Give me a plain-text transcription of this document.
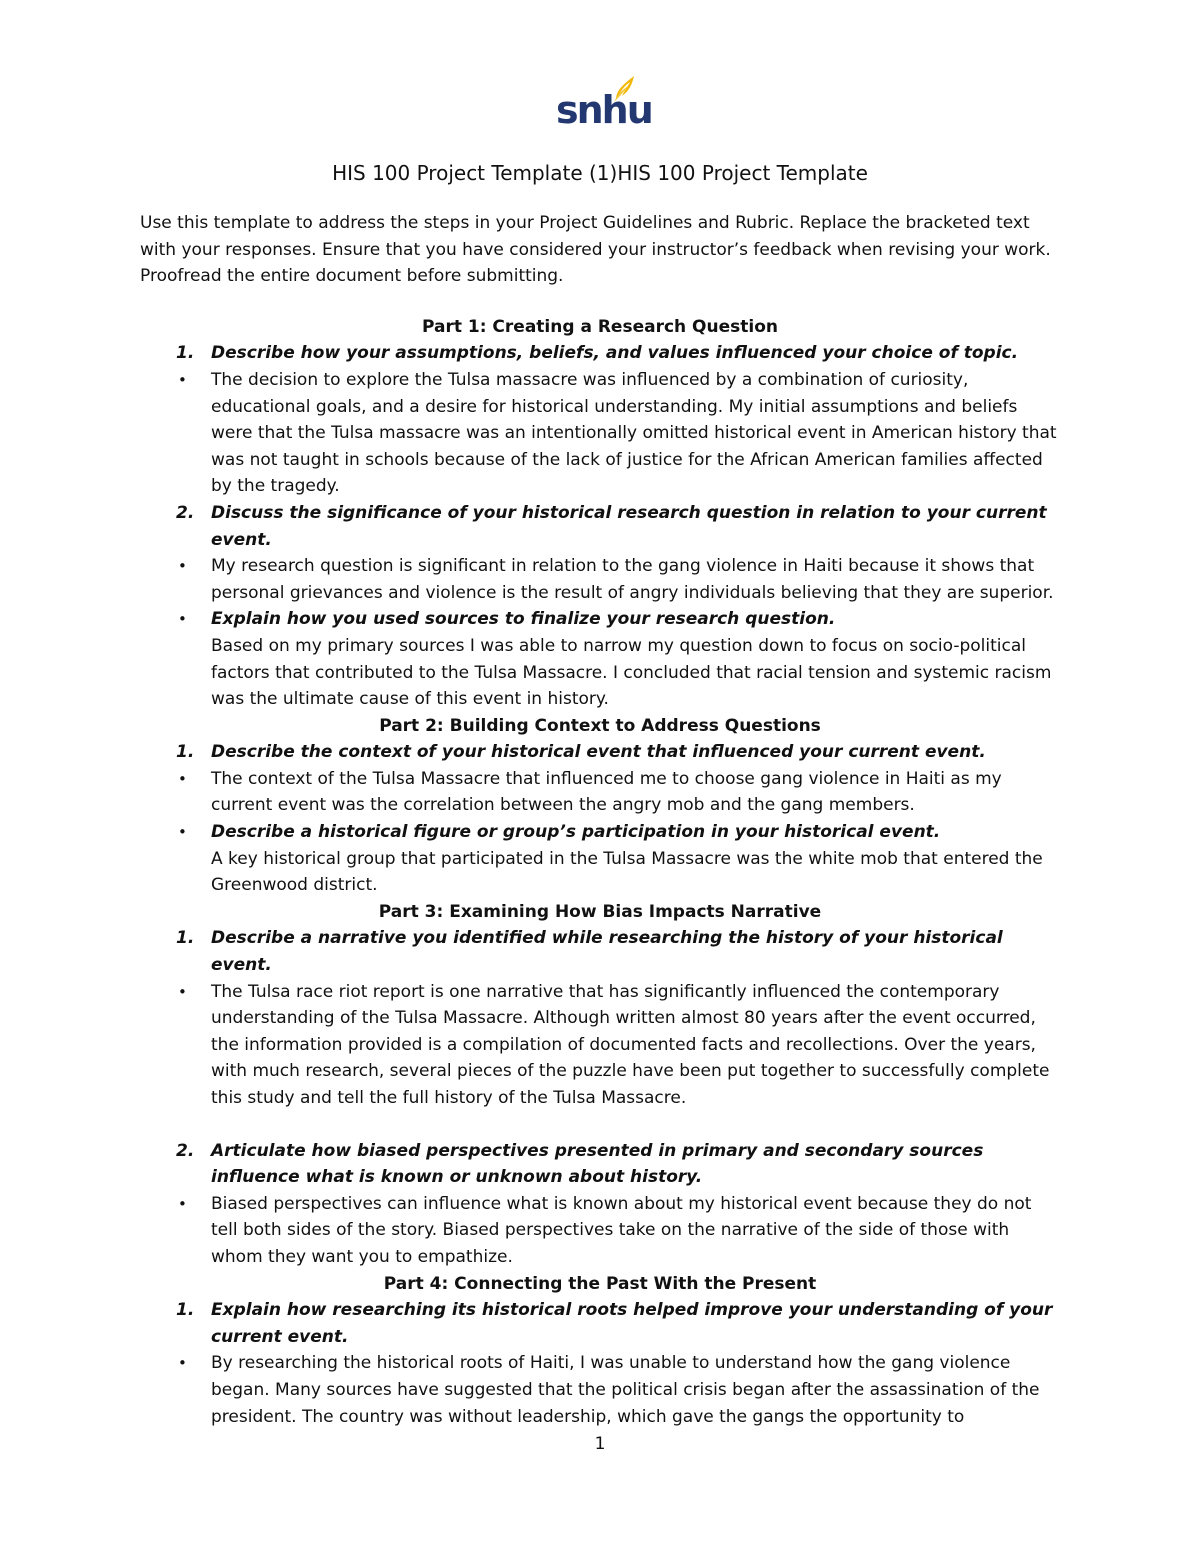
snhu
HIS 100 Project Template (1)HIS 100 Project Template

Use this template to address the steps in your Project Guidelines and Rubric. Replace the bracketed text with your responses. Ensure that you have considered your instructor’s feedback when revising your work. Proofread the entire document before submitting.

Part 1: Creating a Research Question

1. Describe how your assumptions, beliefs, and values influenced your choice of topic.
• The decision to explore the Tulsa massacre was influenced by a combination of curiosity, educational goals, and a desire for historical understanding. My initial assumptions and beliefs were that the Tulsa massacre was an intentionally omitted historical event in American history that was not taught in schools because of the lack of justice for the African American families affected by the tragedy.
2. Discuss the significance of your historical research question in relation to your current event.
• My research question is significant in relation to the gang violence in Haiti because it shows that personal grievances and violence is the result of angry individuals believing that they are superior.
• Explain how you used sources to finalize your research question.
Based on my primary sources I was able to narrow my question down to focus on socio-political factors that contributed to the Tulsa Massacre. I concluded that racial tension and systemic racism was the ultimate cause of this event in history.

Part 2: Building Context to Address Questions

1. Describe the context of your historical event that influenced your current event.
• The context of the Tulsa Massacre that influenced me to choose gang violence in Haiti as my current event was the correlation between the angry mob and the gang members.
• Describe a historical figure or group’s participation in your historical event.
A key historical group that participated in the Tulsa Massacre was the white mob that entered the Greenwood district.

Part 3: Examining How Bias Impacts Narrative

1. Describe a narrative you identified while researching the history of your historical event.
• The Tulsa race riot report is one narrative that has significantly influenced the contemporary understanding of the Tulsa Massacre. Although written almost 80 years after the event occurred, the information provided is a compilation of documented facts and recollections. Over the years, with much research, several pieces of the puzzle have been put together to successfully complete this study and tell the full history of the Tulsa Massacre.
2. Articulate how biased perspectives presented in primary and secondary sources influence what is known or unknown about history.
• Biased perspectives can influence what is known about my historical event because they do not tell both sides of the story. Biased perspectives take on the narrative of the side of those with whom they want you to empathize.

Part 4: Connecting the Past With the Present

1. Explain how researching its historical roots helped improve your understanding of your current event.
• By researching the historical roots of Haiti, I was unable to understand how the gang violence began. Many sources have suggested that the political crisis began after the assassination of the president. The country was without leadership, which gave the gangs the opportunity to
1
